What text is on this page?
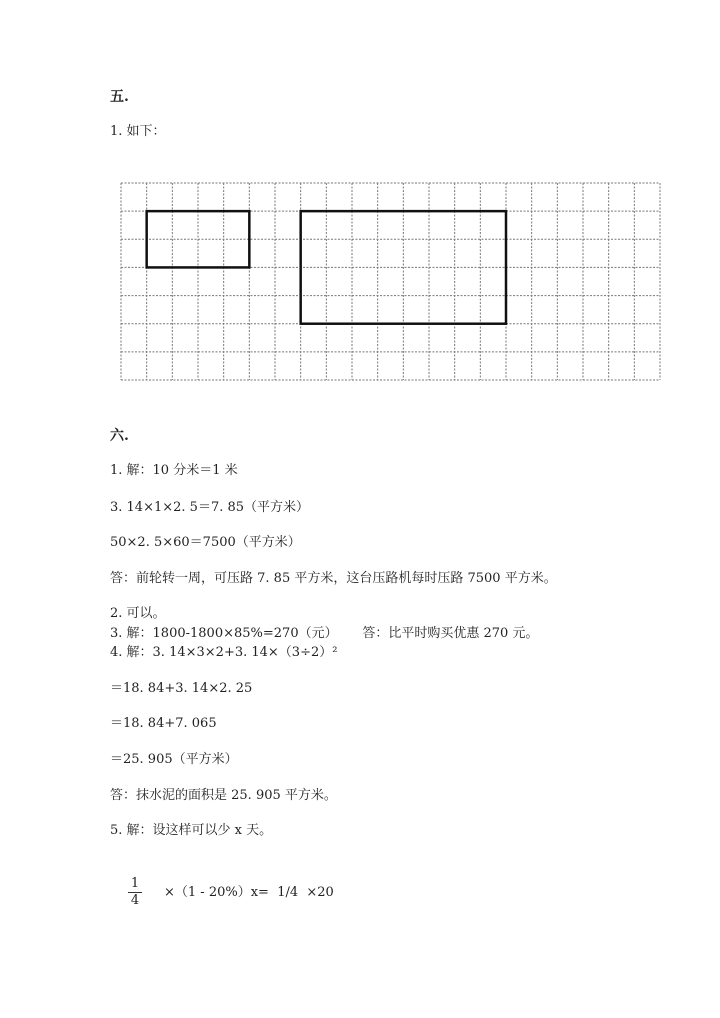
五.
1. 如下：
六.
1. 解：10 分米＝1 米
3. 14×1×2. 5＝7. 85（平方米）
50×2. 5×60＝7500（平方米）
答：前轮转一周，可压路 7. 85 平方米，这台压路机每时压路 7500 平方米。
2. 可以。
3. 解：1800-1800×85%=270（元）      答：比平时购买优惠 270 元。
4. 解：3. 14×3×2+3. 14×（3÷2）²
＝18. 84+3. 14×2. 25
＝18. 84+7. 065
＝25. 905（平方米）
答：抹水泥的面积是 25. 905 平方米。
5. 解：设这样可以少 x 天。
$\frac{1}{4} \times(1 - 20\%)x= 1/4 \times 20$
